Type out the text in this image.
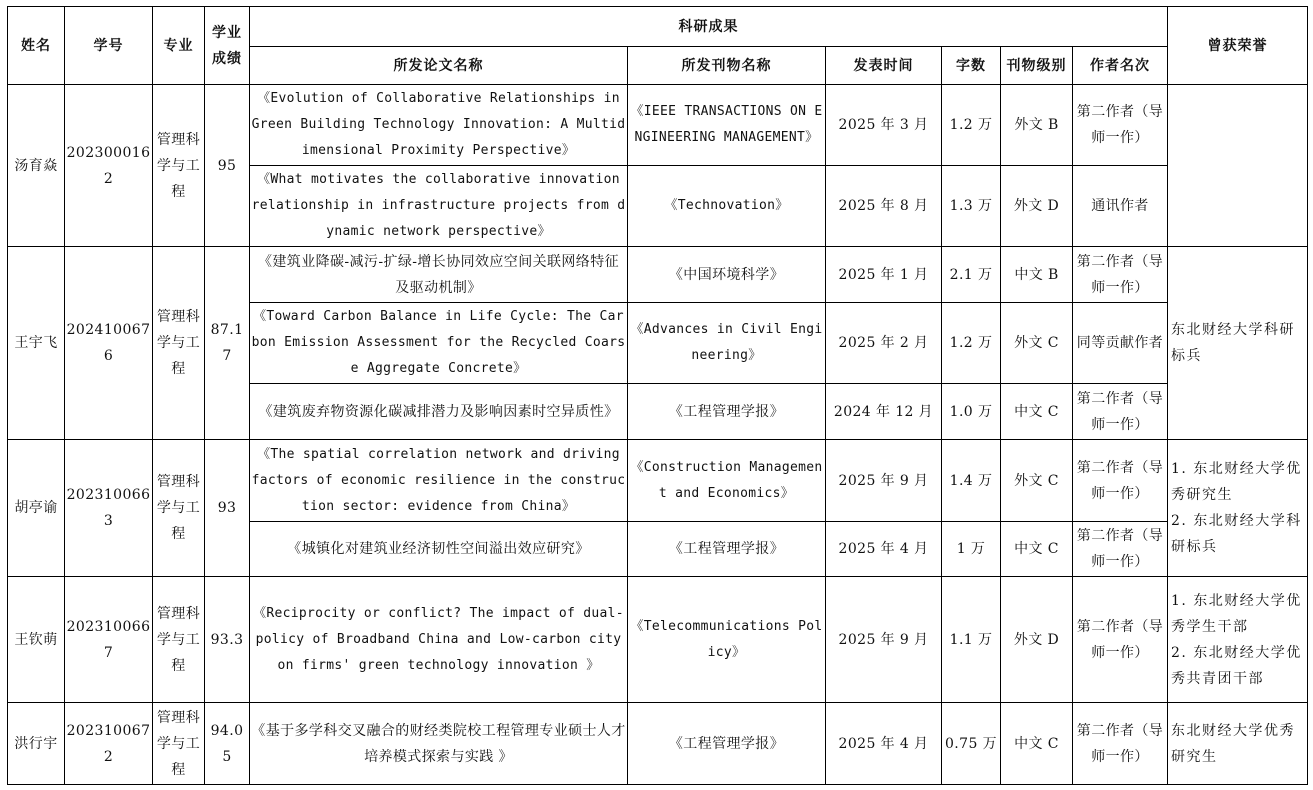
姓名	学号	专业	学业成绩	科研成果						曾获荣誉
				所发论文名称	所发刊物名称	发表时间	字数	刊物级别	作者名次	
汤育焱	2023000162	管理科学与工程	95	《Evolution of Collaborative Relationships in Green Building Technology Innovation: A Multidimensional Proximity Perspective》	《IEEE TRANSACTIONS ON ENGINEERING MANAGEMENT》	2025 年 3 月	1.2 万	外文 B	第二作者（导师一作）	
				《What motivates the collaborative innovation relationship in infrastructure projects from dynamic network perspective》	《Technovation》	2025 年 8 月	1.3 万	外文 D	通讯作者	
王宇飞	2024100676	管理科学与工程	87.17	《建筑业降碳-减污-扩绿-增长协同效应空间关联网络特征及驱动机制》	《中国环境科学》	2025 年 1 月	2.1 万	中文 B	第二作者（导师一作）	东北财经大学科研标兵

				《Toward Carbon Balance in Life Cycle: The Carbon Emission Assessment for the Recycled Coarse Aggregate Concrete》	《Advances in Civil Engineering》	2025 年 2 月	1.2 万	外文 C	同等贡献作者	
				《建筑废弃物资源化碳减排潜力及影响因素时空异质性》	《工程管理学报》	2024 年 12 月	1.0 万	中文 C	第二作者（导师一作）	
胡亭谕	2023100663	管理科学与工程	93	《The spatial correlation network and driving factors of economic resilience in the construction sector: evidence from China》	《Construction Management and Economics》	2025 年 9 月	1.4 万	外文 C	第二作者（导师一作）	1. 东北财经大学优秀研究生
2. 东北财经大学科研标兵

				《城镇化对建筑业经济韧性空间溢出效应研究》	《工程管理学报》	2025 年 4 月	1 万	中文 C	第二作者（导师一作）	
王钦萌	2023100667	管理科学与工程	93.3	《Reciprocity or conflict? The impact of dual-policy of Broadband China and Low-carbon city on firms' green technology innovation 》	《Telecommunications Policy》	2025 年 9 月	1.1 万	外文 D	第二作者（导师一作）	1. 东北财经大学优秀学生干部
2. 东北财经大学优秀共青团干部

洪行宇	2023100672	管理科学与工程	94.05	《基于多学科交叉融合的财经类院校工程管理专业硕士人才培养模式探索与实践 》	《工程管理学报》	2025 年 4 月	0.75 万	中文 C	第二作者（导师一作）	东北财经大学优秀研究生
